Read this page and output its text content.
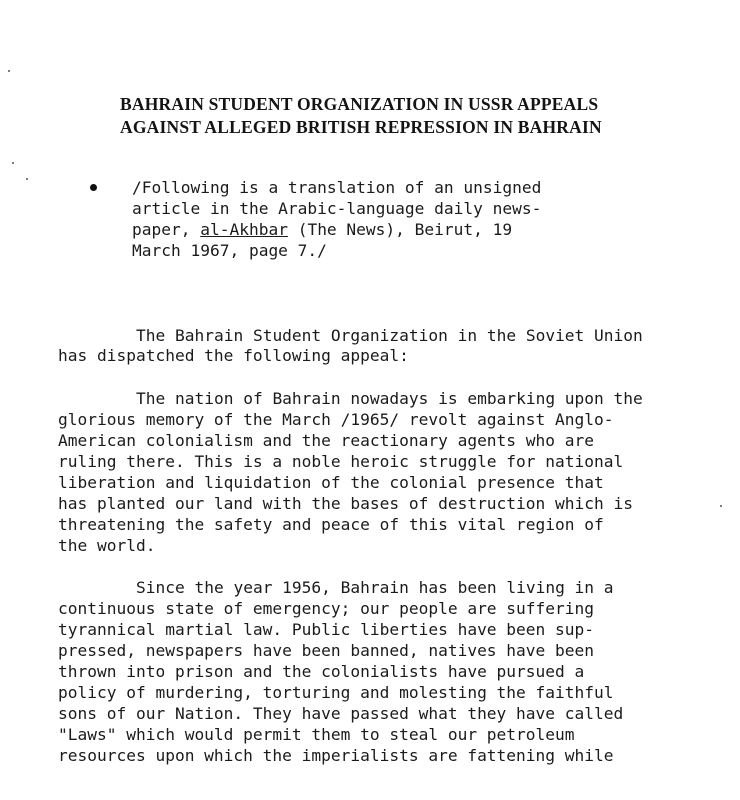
BAHRAIN STUDENT ORGANIZATION IN USSR APPEALS
AGAINST ALLEGED BRITISH REPRESSION IN BAHRAIN
/Following is a translation of an unsigned
article in the Arabic-language daily news-
paper, al-Akhbar (The News), Beirut, 19
March 1967, page 7./
The Bahrain Student Organization in the Soviet Union
has dispatched the following appeal:
The nation of Bahrain nowadays is embarking upon the
glorious memory of the March /1965/ revolt against Anglo-
American colonialism and the reactionary agents who are
ruling there. This is a noble heroic struggle for national
liberation and liquidation of the colonial presence that
has planted our land with the bases of destruction which is
threatening the safety and peace of this vital region of
the world.
Since the year 1956, Bahrain has been living in a
continuous state of emergency; our people are suffering
tyrannical martial law. Public liberties have been sup-
pressed, newspapers have been banned, natives have been
thrown into prison and the colonialists have pursued a
policy of murdering, torturing and molesting the faithful
sons of our Nation. They have passed what they have called
"Laws" which would permit them to steal our petroleum
resources upon which the imperialists are fattening while
